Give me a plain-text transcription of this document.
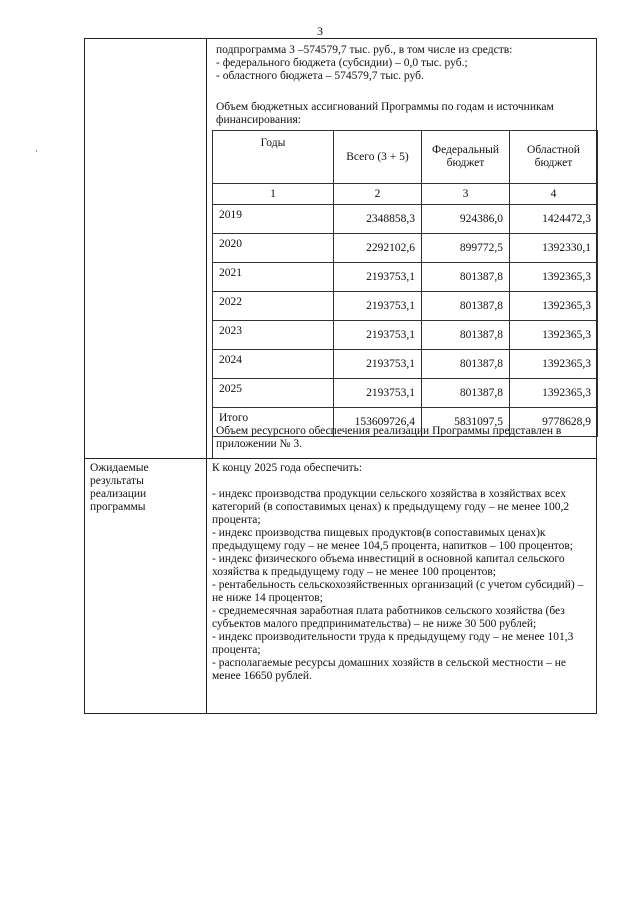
3
подпрограмма 3 –574579,7 тыс. руб., в том числе из средств:
- федерального бюджета (субсидии) – 0,0 тыс. руб.;
- областного бюджета – 574579,7 тыс. руб.
Объем бюджетных ассигнований Программы по годам и источникам финансирования:
Годы	Всего (3 + 5)	Федеральный бюджет	Областной бюджет
1	2	3	4
2019	2348858,3	924386,0	1424472,3
2020	2292102,6	899772,5	1392330,1
2021	2193753,1	801387,8	1392365,3
2022	2193753,1	801387,8	1392365,3
2023	2193753,1	801387,8	1392365,3
2024	2193753,1	801387,8	1392365,3
2025	2193753,1	801387,8	1392365,3
Итого	153609726,4	5831097,5	9778628,9
Объем ресурсного обеспечения реализации Программы представлен в приложении № 3.
Ожидаемые результаты реализации программы

К концу 2025 года обеспечить:

- индекс производства продукции сельского хозяйства в хозяйствах всех категорий (в сопоставимых ценах) к предыдущему году – не менее 100,2 процента;

- индекс производства пищевых продуктов(в сопоставимых ценах)к предыдущему году – не менее 104,5 процента, напитков – 100 процентов;

- индекс физического объема инвестиций в основной капитал сельского хозяйства к предыдущему году – не менее 100 процентов;

- рентабельность сельскохозяйственных организаций (с учетом субсидий) – не ниже 14 процентов;

- среднемесячная заработная плата работников сельского хозяйства (без субъектов малого предпринимательства) – не ниже 30 500 рублей;

- индекс производительности труда к предыдущему году – не менее 101,3 процента;

- располагаемые ресурсы домашних хозяйств в сельской местности – не менее 16650 рублей.
